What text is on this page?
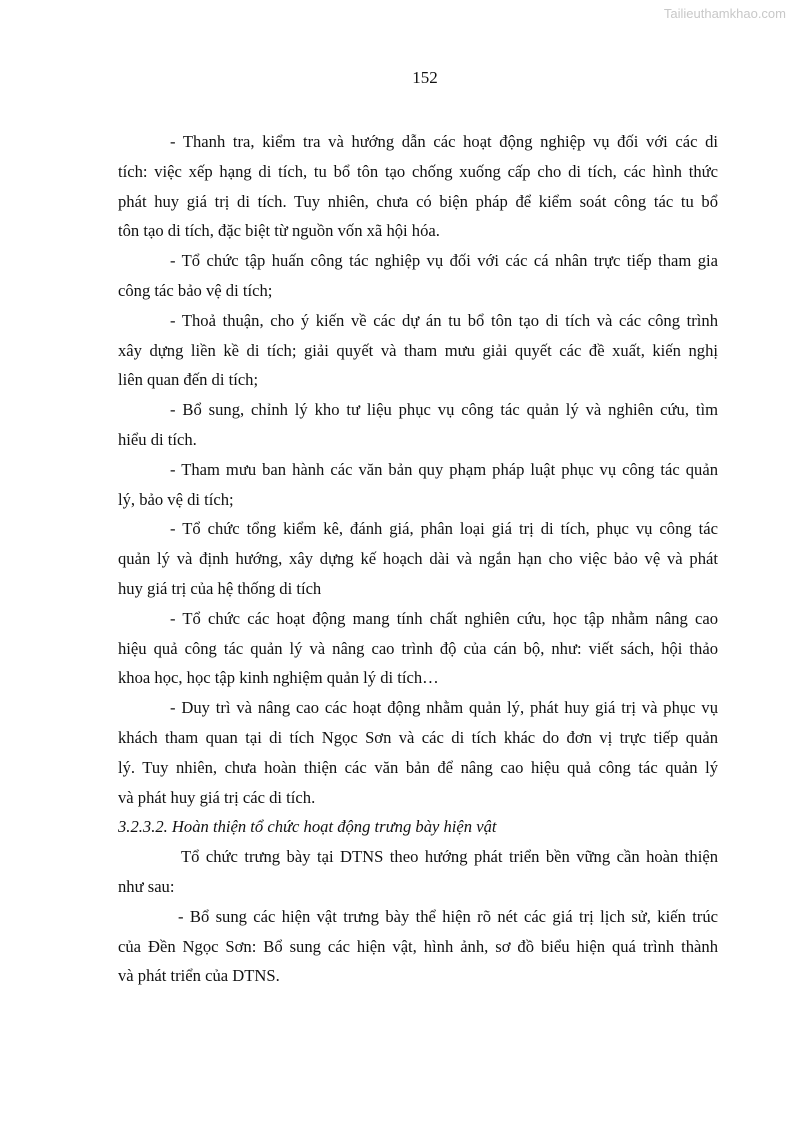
Tailieuthamkhao.com
152
- Thanh tra, kiểm tra và hướng dẫn các hoạt động nghiệp vụ đối với các di
tích: việc xếp hạng di tích, tu bổ tôn tạo chống xuống cấp cho di tích, các hình thức
phát huy giá trị di tích. Tuy nhiên, chưa có biện pháp để kiểm soát công tác tu bổ
tôn tạo di tích, đặc biệt từ nguồn vốn xã hội hóa.
- Tổ chức tập huấn công tác nghiệp vụ đối với các cá nhân trực tiếp tham gia
công tác bảo vệ di tích;
- Thoả thuận, cho ý kiến về các dự án tu bổ tôn tạo di tích và các công trình
xây dựng liền kề di tích; giải quyết và tham mưu giải quyết các đề xuất, kiến nghị
liên quan đến di tích;
- Bổ sung, chỉnh lý kho tư liệu phục vụ công tác quản lý và nghiên cứu, tìm
hiểu di tích.
- Tham mưu ban hành các văn bản quy phạm pháp luật phục vụ công tác quản
lý, bảo vệ di tích;
- Tổ chức tổng kiểm kê, đánh giá, phân loại giá trị di tích, phục vụ công tác
quản lý và định hướng, xây dựng kế hoạch dài và ngắn hạn cho việc bảo vệ và phát
huy giá trị của hệ thống di tích
- Tổ chức các hoạt động mang tính chất nghiên cứu, học tập nhằm nâng cao
hiệu quả công tác quản lý và nâng cao trình độ của cán bộ, như: viết sách, hội thảo
khoa học, học tập kinh nghiệm quản lý di tích…
- Duy trì và nâng cao các hoạt động nhằm quản lý, phát huy giá trị và phục vụ
khách tham quan tại di tích Ngọc Sơn và các di tích khác do đơn vị trực tiếp quản
lý. Tuy nhiên, chưa hoàn thiện các văn bản để nâng cao hiệu quả công tác quản lý
và phát huy giá trị các di tích.
3.2.3.2. Hoàn thiện tổ chức hoạt động trưng bày hiện vật
Tổ chức trưng bày tại DTNS theo hướng phát triển bền vững cần hoàn thiện
như sau:
- Bổ sung các hiện vật trưng bày thể hiện rõ nét các giá trị lịch sử, kiến trúc
của Đền Ngọc Sơn: Bổ sung các hiện vật, hình ảnh, sơ đồ biểu hiện quá trình thành
và phát triển của DTNS.
